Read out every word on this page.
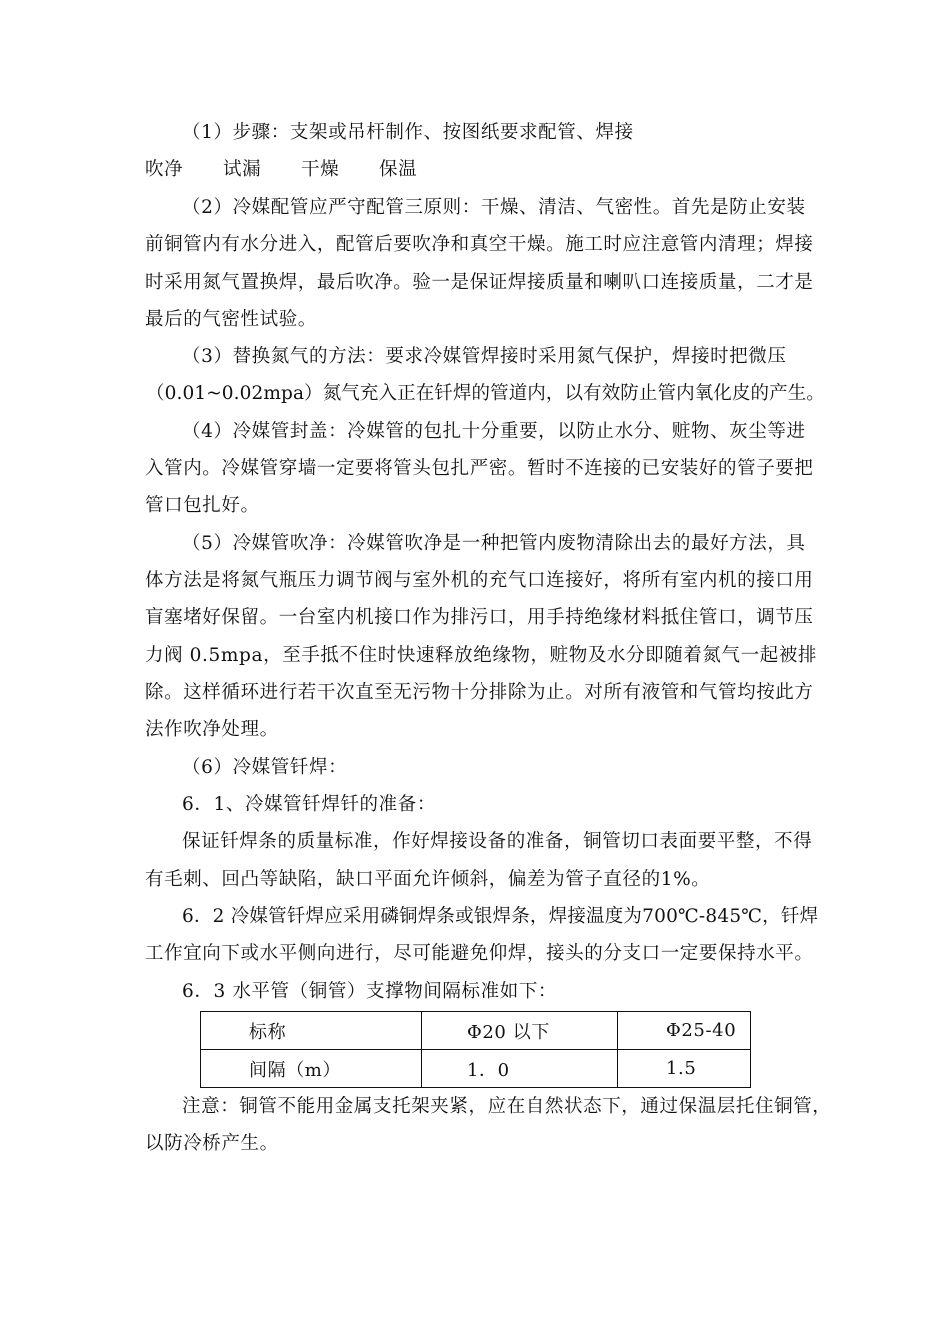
（1）步骤：支架或吊杆制作、按图纸要求配管、焊接
吹净 试漏 干燥 保温
（2）冷媒配管应严守配管三原则：干燥、清洁、气密性。首先是防止安装
前铜管内有水分进入，配管后要吹净和真空干燥。施工时应注意管内清理；焊接
时采用氮气置换焊，最后吹净。验一是保证焊接质量和喇叭口连接质量，二才是
最后的气密性试验。
（3）替换氮气的方法：要求冷媒管焊接时采用氮气保护，焊接时把微压
（0.01~0.02mpa）氮气充入正在钎焊的管道内，以有效防止管内氧化皮的产生。
（4）冷媒管封盖：冷媒管的包扎十分重要，以防止水分、赃物、灰尘等进
入管内。冷媒管穿墙一定要将管头包扎严密。暂时不连接的已安装好的管子要把
管口包扎好。
（5）冷媒管吹净：冷媒管吹净是一种把管内废物清除出去的最好方法，具
体方法是将氮气瓶压力调节阀与室外机的充气口连接好，将所有室内机的接口用
盲塞堵好保留。一台室内机接口作为排污口，用手持绝缘材料抵住管口，调节压
力阀 0.5mpa，至手抵不住时快速释放绝缘物，赃物及水分即随着氮气一起被排
除。这样循环进行若干次直至无污物十分排除为止。对所有液管和气管均按此方
法作吹净处理。
（6）冷媒管钎焊：
6．1、冷媒管钎焊钎的准备：
保证钎焊条的质量标准，作好焊接设备的准备，铜管切口表面要平整，不得
有毛刺、回凸等缺陷，缺口平面允许倾斜，偏差为管子直径的1%。
6．2 冷媒管钎焊应采用磷铜焊条或银焊条，焊接温度为700℃-845℃，钎焊
工作宜向下或水平侧向进行，尽可能避免仰焊，接头的分支口一定要保持水平。
6．3 水平管（铜管）支撑物间隔标准如下：
标称	Φ20 以下	Φ25-40
间隔（m）	1．0	1.5
注意：铜管不能用金属支托架夹紧，应在自然状态下，通过保温层托住铜管，
以防冷桥产生。
